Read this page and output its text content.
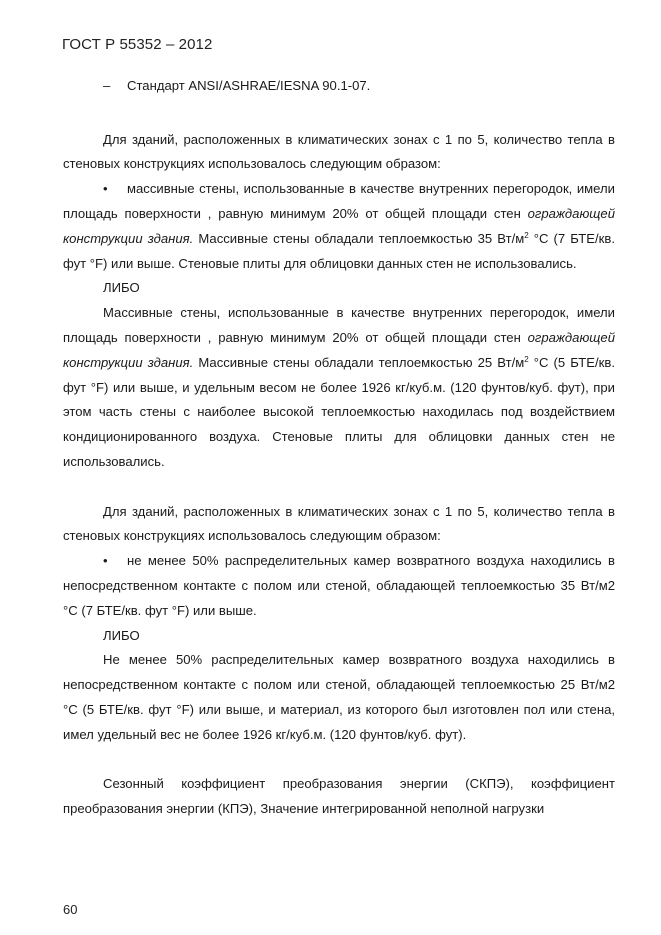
ГОСТ Р 55352 – 2012

– Стандарт ANSI/ASHRAE/IESNA 90.1-07.

Для зданий, расположенных в климатических зонах с 1 по 5, количество тепла в стеновых конструкциях использовалось следующим образом:

• массивные стены, использованные в качестве внутренних перегородок, имели площадь поверхности , равную минимум 20% от общей площади стен ограждающей конструкции здания. Массивные стены обладали теплоемкостью 35 $Вт/м^2$ °C (7 БТЕ/кв. фут °F) или выше. Стеновые плиты для облицовки данных стен не использовались.

ЛИБО

Массивные стены, использованные в качестве внутренних перегородок, имели площадь поверхности , равную минимум 20% от общей площади стен ограждающей конструкции здания. Массивные стены обладали теплоемкостью 25 $Вт/м^2$ °C (5 БТЕ/кв. фут °F) или выше, и удельным весом не более 1926 кг/куб.м. (120 фунтов/куб. фут), при этом часть стены с наиболее высокой теплоемкостью находилась под воздействием кондиционированного воздуха. Стеновые плиты для облицовки данных стен не использовались.

Для зданий, расположенных в климатических зонах с 1 по 5, количество тепла в стеновых конструкциях использовалось следующим образом:

• не менее 50% распределительных камер возвратного воздуха находились в непосредственном контакте с полом или стеной, обладающей теплоемкостью 35 Вт/м2 °C (7 БТЕ/кв. фут °F) или выше.

ЛИБО

Не менее 50% распределительных камер возвратного воздуха находились в непосредственном контакте с полом или стеной, обладающей теплоемкостью 25 Вт/м2 °C (5 БТЕ/кв. фут °F) или выше, и материал, из которого был изготовлен пол или стена, имел удельный вес не более 1926 кг/куб.м. (120 фунтов/куб. фут).

Сезонный коэффициент преобразования энергии (СКПЭ), коэффициент преобразования энергии (КПЭ), Значение интегрированной неполной нагрузки

60
